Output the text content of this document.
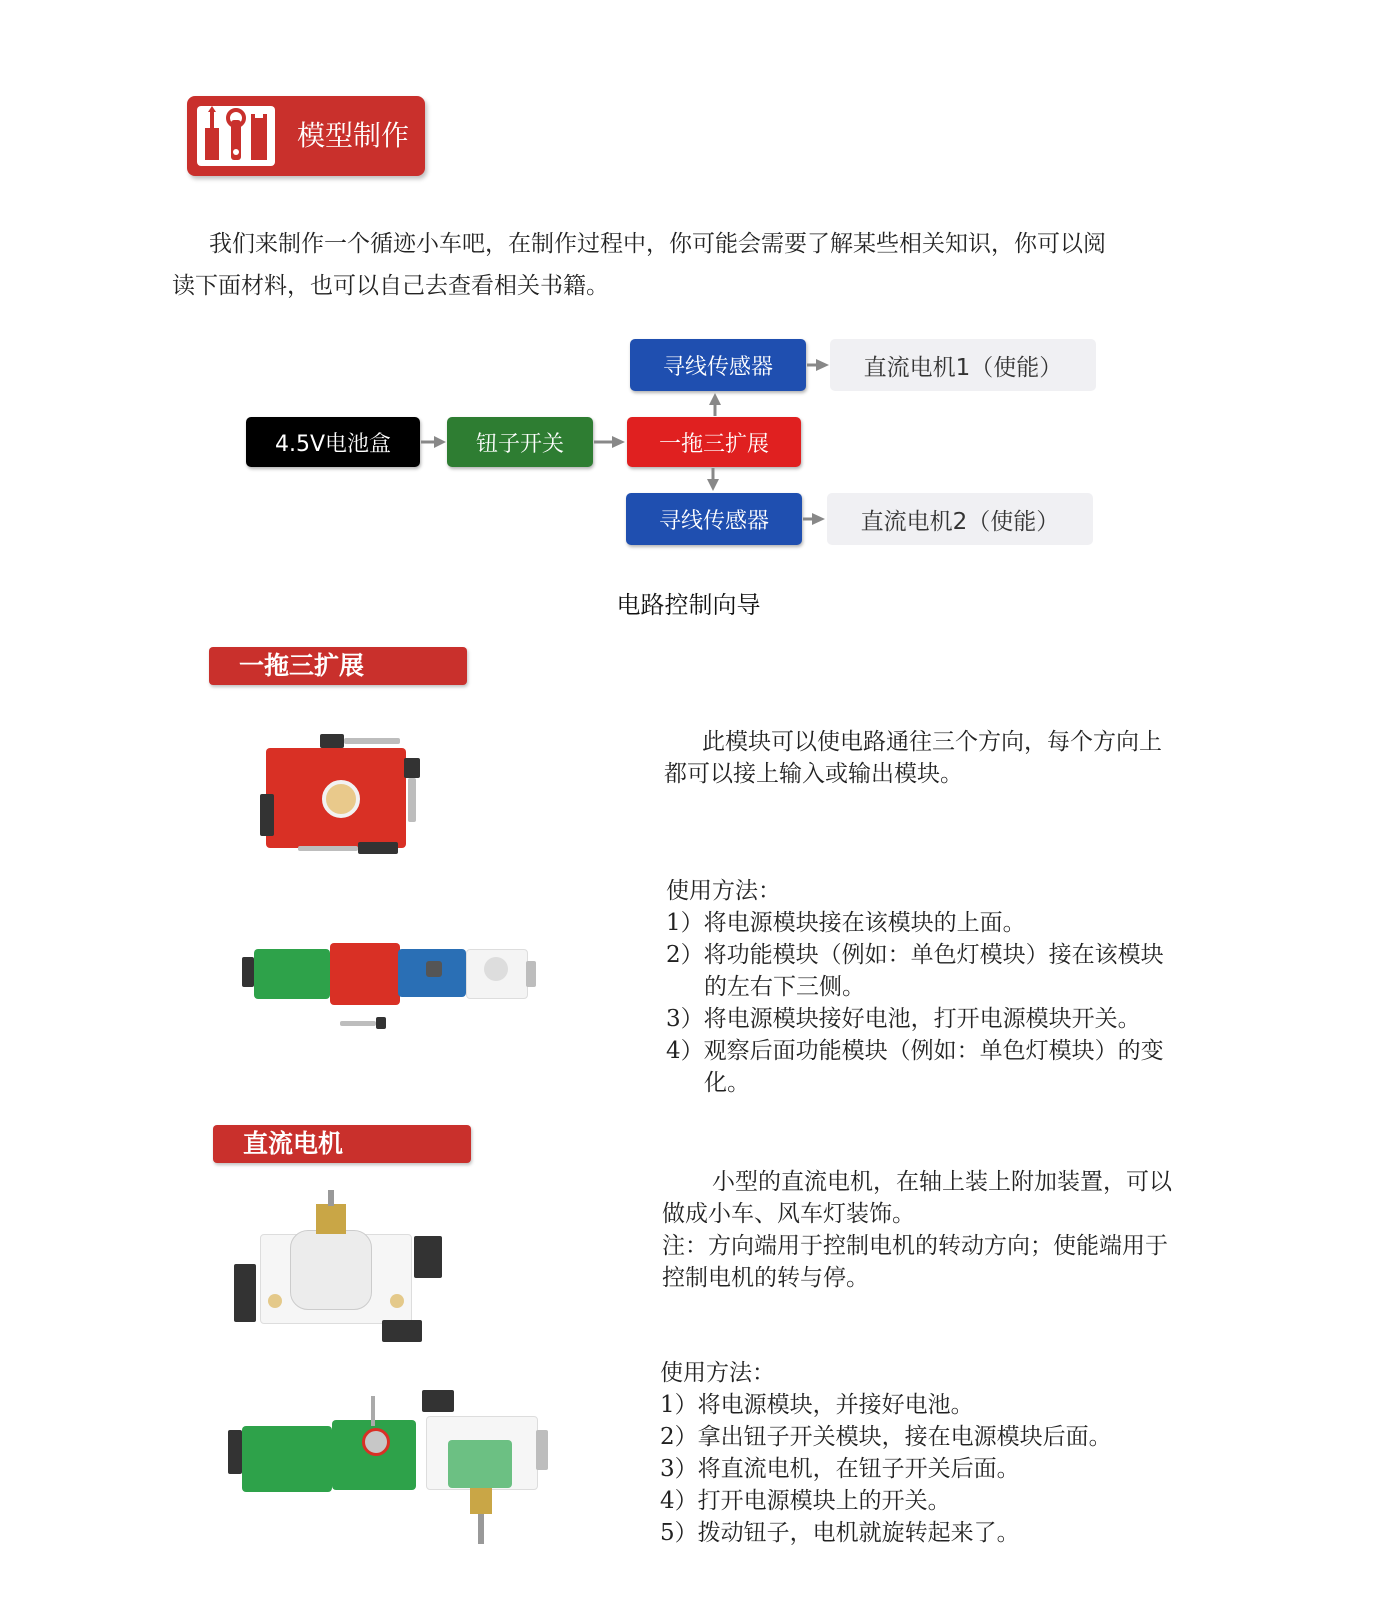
模型制作
我们来制作一个循迹小车吧，在制作过程中，你可能会需要了解某些相关知识，你可以阅
读下面材料，也可以自己去查看相关书籍。
4.5V电池盒	钮子开关	一拖三扩展
寻线传感器
寻线传感器
直流电机1（使能）
直流电机2（使能）
电路控制向导
一拖三扩展
此模块可以使电路通往三个方向，每个方向上
都可以接上输入或输出模块。
使用方法：
1）将电源模块接在该模块的上面。
2）将功能模块（例如：单色灯模块）接在该模块的左右下三侧。
3）将电源模块接好电池，打开电源模块开关。
4）观察后面功能模块（例如：单色灯模块）的变化。
直流电机
小型的直流电机，在轴上装上附加装置，可以
做成小车、风车灯装饰。
注：方向端用于控制电机的转动方向；使能端用于
控制电机的转与停。
使用方法：
1）将电源模块，并接好电池。
2）拿出钮子开关模块，接在电源模块后面。
3）将直流电机，在钮子开关后面。
4）打开电源模块上的开关。
5）拨动钮子，电机就旋转起来了。
